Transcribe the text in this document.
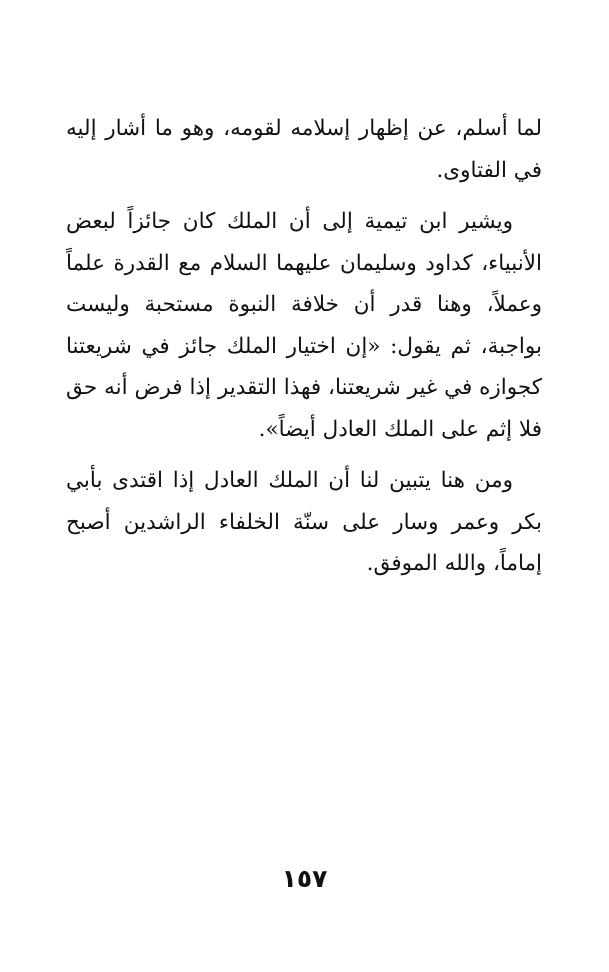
لما أسلم، عن إظهار إسلامه لقومه، وهو ما أشار إليه في الفتاوى.

ويشير ابن تيمية إلى أن الملك كان جائزاً لبعض الأنبياء، كداود وسليمان عليهما السلام مع القدرة علماً وعملاً، وهنا قدر أن خلافة النبوة مستحبة وليست بواجبة، ثم يقول: «إن اختيار الملك جائز في شريعتنا كجوازه في غير شريعتنا، فهذا التقدير إذا فرض أنه حق فلا إثم على الملك العادل أيضاً».

ومن هنا يتبين لنا أن الملك العادل إذا اقتدى بأبي بكر وعمر وسار على سنّة الخلفاء الراشدين أصبح إماماً، والله الموفق.

١٥٧
